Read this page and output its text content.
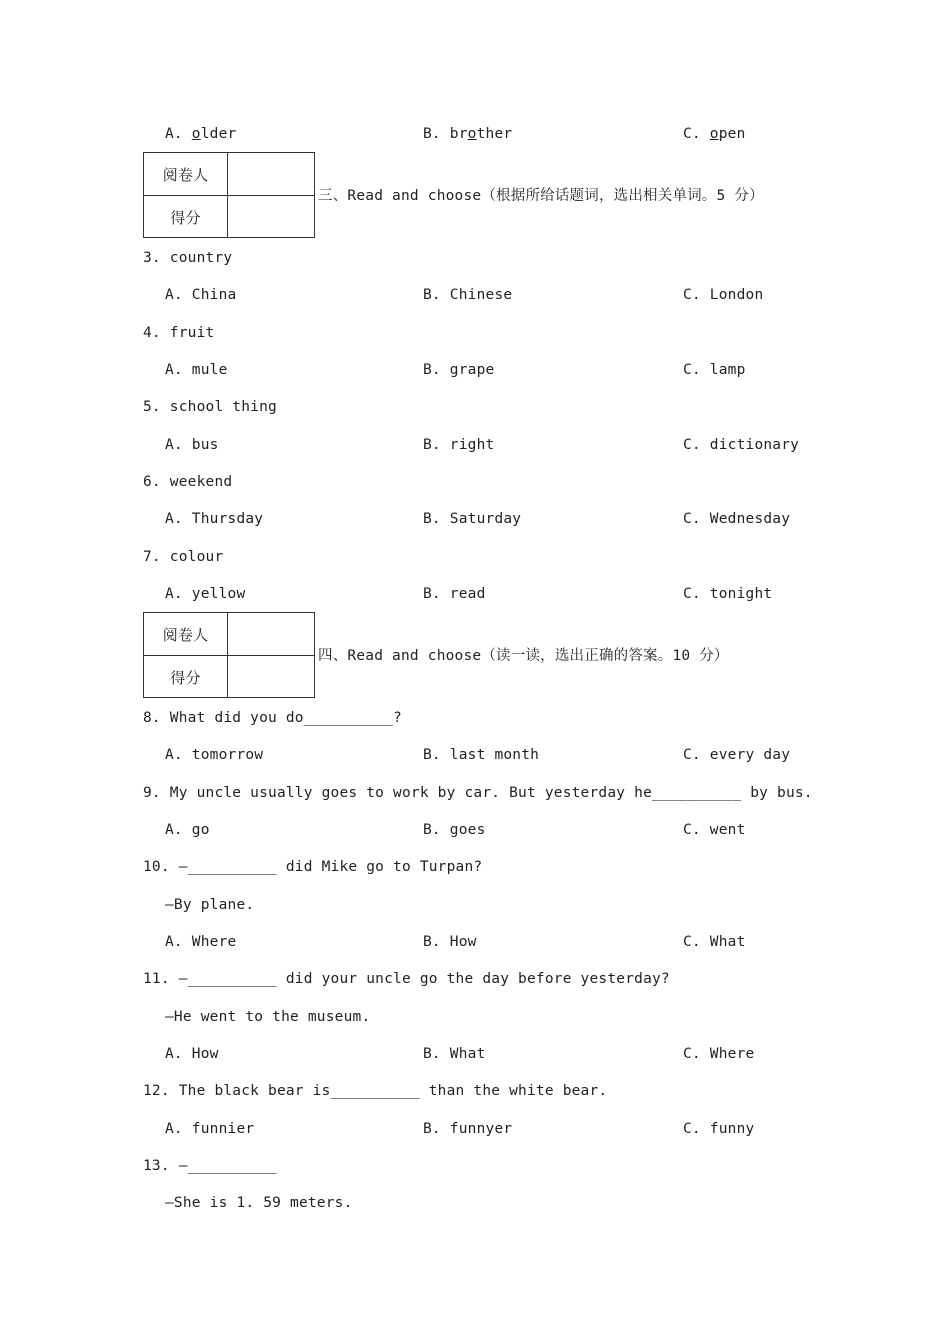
A. older	B. brother	C. open
阅卷人
得分
三、Read and choose（根据所给话题词，选出相关单词。5 分）
3. country
A. China	B. Chinese	C. London
4. fruit
A. mule	B. grape	C. lamp
5. school thing
A. bus	B. right	C. dictionary
6. weekend
A. Thursday	B. Saturday	C. Wednesday
7. colour
A. yellow	B. read	C. tonight
阅卷人
得分
四、Read and choose（读一读，选出正确的答案。10 分）
8. What did you do__________?
A. tomorrow	B. last month	C. every day
9. My uncle usually goes to work by car. But yesterday he__________ by bus.
A. go	B. goes	C. went
10. —__________ did Mike go to Turpan?
—By plane.
A. Where	B. How	C. What
11. —__________ did your uncle go the day before yesterday?
—He went to the museum.
A. How	B. What	C. Where
12. The black bear is__________ than the white bear.
A. funnier	B. funnyer	C. funny
13. —__________
—She is 1. 59 meters.
